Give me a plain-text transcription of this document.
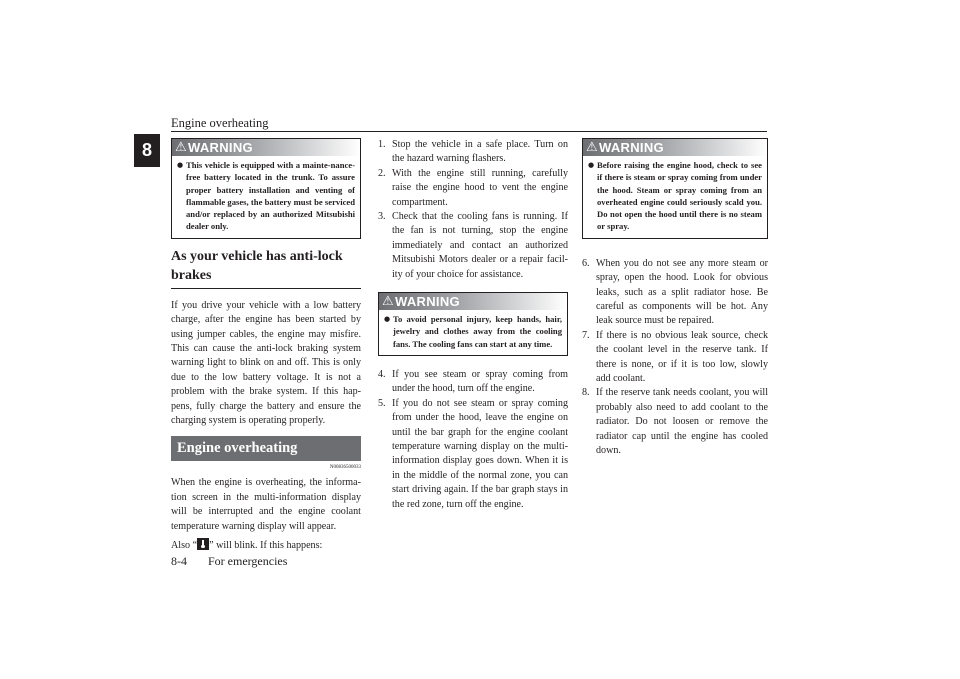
Engine overheating
8	⚠ WARNING
● This vehicle is equipped with a mainte-nance-free battery located in the trunk. To assure proper battery installation and venting of flammable gases, the battery must be serviced and/or replaced by an authorized Mitsubishi dealer only.
As your vehicle has anti-lock brakes
If you drive your vehicle with a low battery charge, after the engine has been started by using jumper cables, the engine may misfire. This can cause the anti-lock braking system warning light to blink on and off. This is only due to the low battery voltage. It is not a problem with the brake system. If this hap-pens, fully charge the battery and ensure the charging system is operating properly.
Engine overheating
N00836500033
When the engine is overheating, the informa-tion screen in the multi-information display will be interrupted and the engine coolant temperature warning display will appear.
Also “ ” will blink. If this happens:
1. Stop the vehicle in a safe place. Turn on the hazard warning flashers.
2. With the engine still running, carefully raise the engine hood to vent the engine compartment.
3. Check that the cooling fans is running. If the fan is not turning, stop the engine immediately and contact an authorized Mitsubishi Motors dealer or a repair facil-ity of your choice for assistance.
⚠ WARNING
● To avoid personal injury, keep hands, hair, jewelry and clothes away from the cooling fans. The cooling fans can start at any time.
4. If you see steam or spray coming from under the hood, turn off the engine.
5. If you do not see steam or spray coming from under the hood, leave the engine on until the bar graph for the engine coolant temperature warning display on the multi-information display goes down. When it is in the middle of the normal zone, you can start driving again. If the bar graph stays in the red zone, turn off the engine.
⚠ WARNING
● Before raising the engine hood, check to see if there is steam or spray coming from under the hood. Steam or spray coming from an overheated engine could seriously scald you. Do not open the hood until there is no steam or spray.
6. When you do not see any more steam or spray, open the hood. Look for obvious leaks, such as a split radiator hose. Be careful as components will be hot. Any leak source must be repaired.
7. If there is no obvious leak source, check the coolant level in the reserve tank. If there is none, or if it is too low, slowly add coolant.
8. If the reserve tank needs coolant, you will probably also need to add coolant to the radiator. Do not loosen or remove the radiator cap until the engine has cooled down.
8-4 For emergencies
